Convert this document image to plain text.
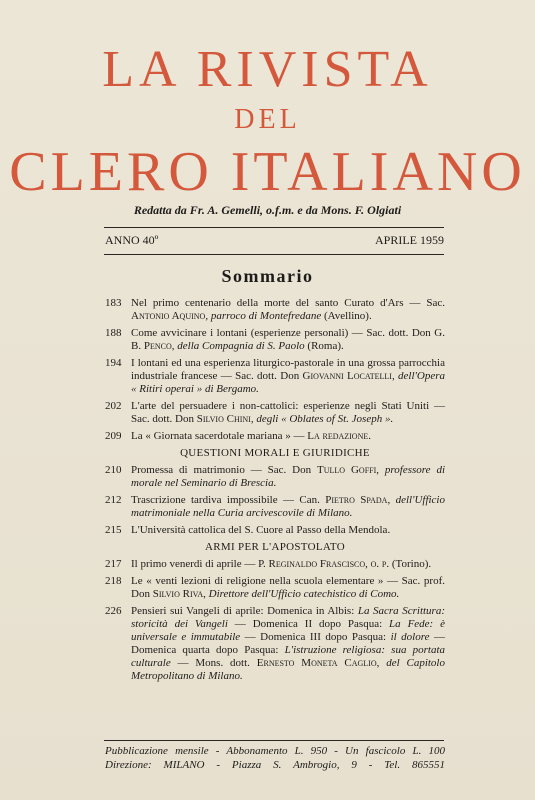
LA RIVISTA
DEL
CLERO ITALIANO
Redatta da Fr. A. Gemelli, o.f.m. e da Mons. F. Olgiati
ANNO 40º	APRILE 1959
Sommario
183 Nel primo centenario della morte del santo Curato d'Ars — Sac. Antonio Aquino, parroco di Montefredane (Avellino).
188 Come avvicinare i lontani (esperienze personali) — Sac. dott. Don G. B. Penco, della Compagnia di S. Paolo (Roma).
194 I lontani ed una esperienza liturgico-pastorale in una grossa parrocchia industriale francese — Sac. dott. Don Giovanni Locatelli, dell'Opera « Ritiri operai » di Bergamo.
202 L'arte del persuadere i non-cattolici: esperienze negli Stati Uniti — Sac. dott. Don Silvio Chini, degli « Oblates of St. Joseph ».
209 La « Giornata sacerdotale mariana » — La redazione.
QUESTIONI MORALI E GIURIDICHE
210 Promessa di matrimonio — Sac. Don Tullo Goffi, professore di morale nel Seminario di Brescia.
212 Trascrizione tardiva impossibile — Can. Pietro Spada, dell'Ufficio matrimoniale nella Curia arcivescovile di Milano.
215 L'Università cattolica del S. Cuore al Passo della Mendola.
ARMI PER L'APOSTOLATO
217 Il primo venerdì di aprile — P. Reginaldo Frascisco, o. p. (Torino).
218 Le « venti lezioni di religione nella scuola elementare » — Sac. prof. Don Silvio Riva, Direttore dell'Ufficio catechistico di Como.
226 Pensieri sui Vangeli di aprile: Domenica in Albis: La Sacra Scrittura: storicità dei Vangeli — Domenica II dopo Pasqua: La Fede: è universale e immutabile — Domenica III dopo Pasqua: il dolore — Domenica quarta dopo Pasqua: L'istruzione religiosa: sua portata culturale — Mons. dott. Ernesto Moneta Caglio, del Capitolo Metropolitano di Milano.
Pubblicazione mensile - Abbonamento L. 950 - Un fascicolo L. 100
Direzione: MILANO - Piazza S. Ambrogio, 9 - Tel. 865551
